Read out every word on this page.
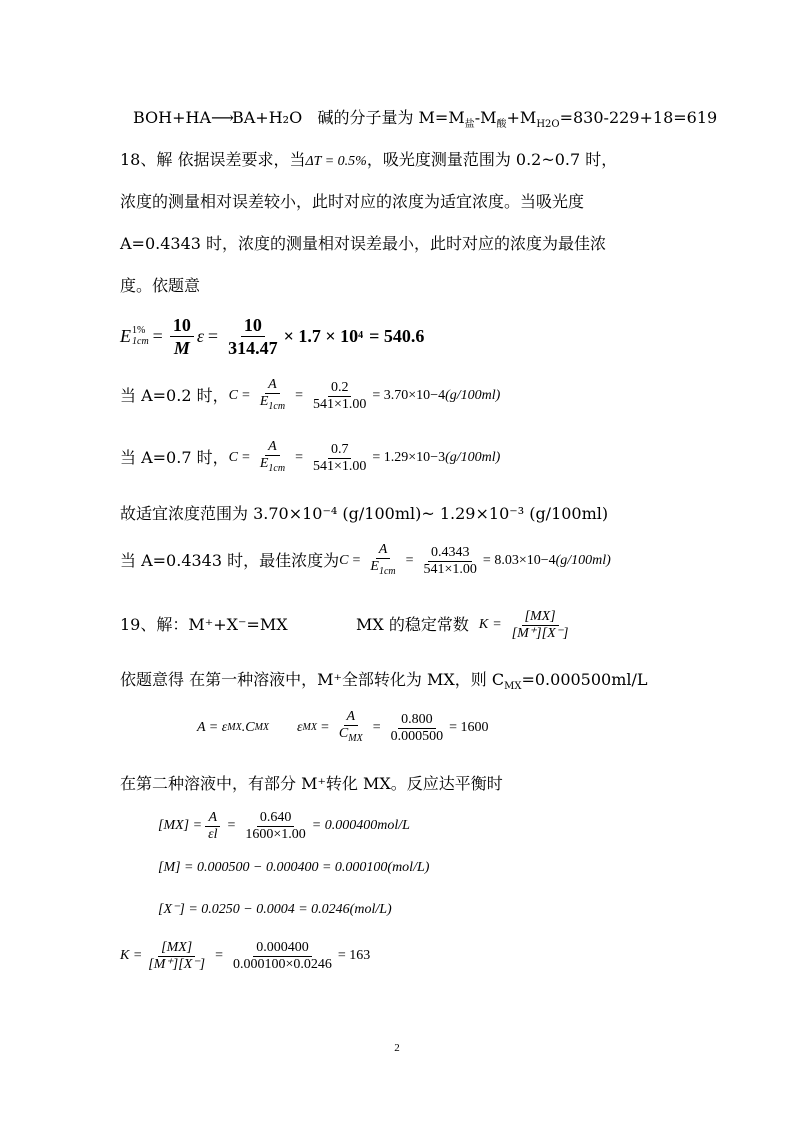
BOH+HA⟶BA+H₂O 碱的分子量为 $M=M_盐-M_酸+M_{H2O}=830-229+18=619$
18、解 依据误差要求，当ΔT = 0.5%，吸光度测量范围为 0.2~0.7 时，
浓度的测量相对误差较小，此时对应的浓度为适宜浓度。当吸光度
A=0.4343 时，浓度的测量相对误差最小，此时对应的浓度为最佳浓
度。依题意
E 1%
$1cm = \frac{10}{M}$ $\varepsilon = \frac{10}{314.47} \times 1.7 \times 10$ 4 = 540.6
当 A=0.2 时， $C = \frac{A}{E_{1cm}} = \frac{0.2}{541\times 1.00} = 3.70\times 10 -4$ (g/100ml)
当 A=0.7 时， $C = \frac{A}{E_{1cm}} = \frac{0.7}{541\times 1.00} = 1.29\times 10 -3$ (g/100ml)
故适宜浓度范围为 3.70×10⁻⁴ (g/100ml)~ 1.29×10⁻³ (g/100ml)
当 A=0.4343 时，最佳浓度为 $C = \frac{A}{E_{1cm}} = \frac{0.4343}{541\times 1.00} = 8.03\times 10 -4$ (g/100ml)
19、解：M⁺+X⁻=MX	MX 的稳定常数 $K = \frac{[MX]}{[M^+][X^-]}$
依题意得 在第一种溶液中，M⁺全部转化为 MX，则 $C_{MX}=0.000500ml/L$
A = ε MX .C MX ε MX = $\frac{A}{C_{MX}} = \frac{0.800}{0.000500} = 1600$
在第二种溶液中，有部分 M⁺转化 MX。反应达平衡时
$[MX] = \frac{A}{\varepsilon l} = \frac{0.640}{1600\times 1.00} = 0.000400mol/L$
[M] = 0.000500 − 0.000400 = 0.000100(mol/L)
[X⁻] = 0.0250 − 0.0004 = 0.0246(mol/L)
$K = \frac{[MX]}{[M^+][X^-]} = \frac{0.000400}{0.000100\times 0.0246} = 163$
2
